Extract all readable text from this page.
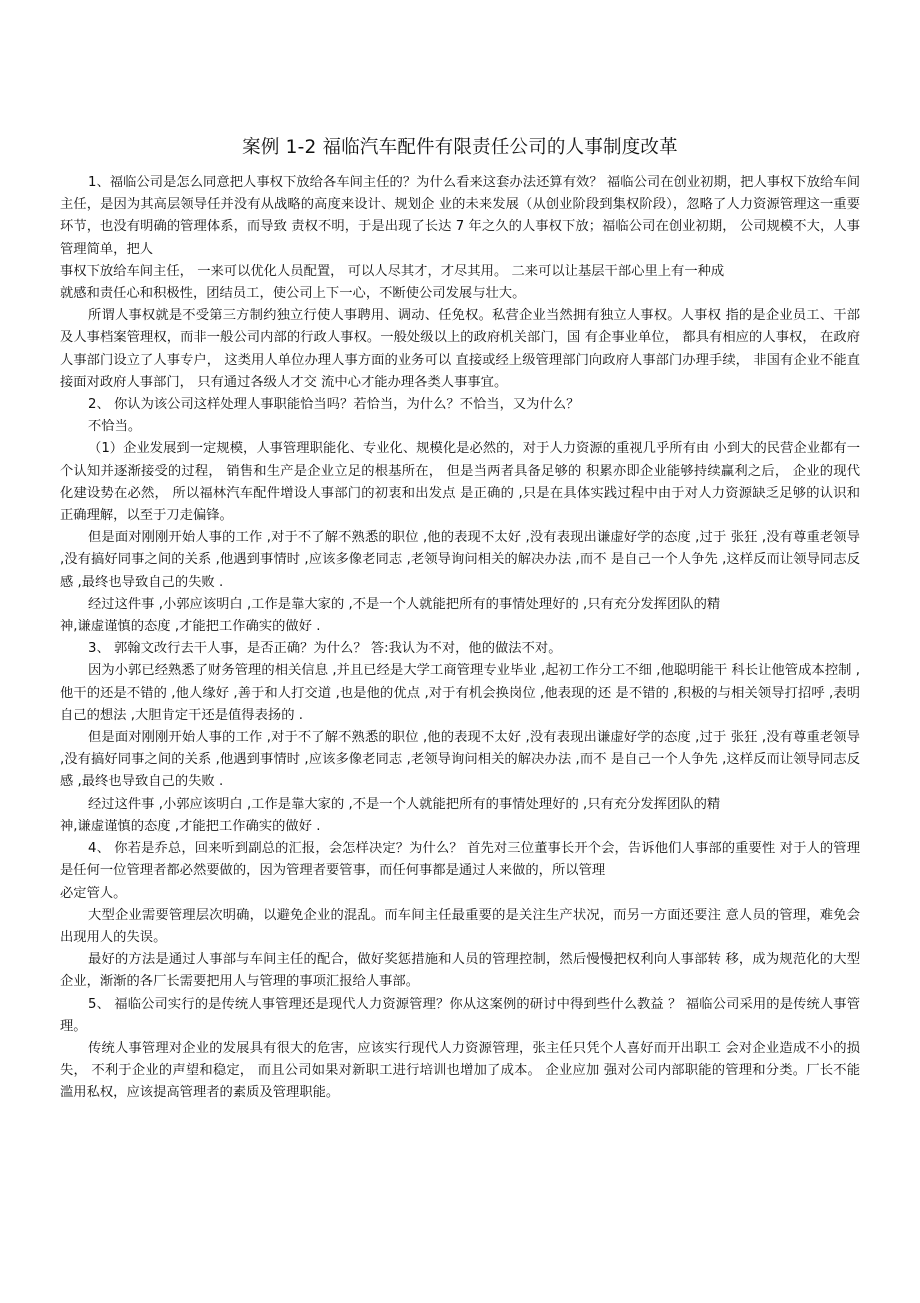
案例 1-2 福临汽车配件有限责任公司的人事制度改革

1、福临公司是怎么同意把人事权下放给各车间主任的？为什么看来这套办法还算有效？ 福临公司在创业初期，把人事权下放给车间主任，是因为其高层领导任并没有从战略的高度来设计、规划企 业的未来发展（从创业阶段到集权阶段），忽略了人力资源管理这一重要环节，也没有明确的管理体系，而导致 责权不明，于是出现了长达 7 年之久的人事权下放；福临公司在创业初期， 公司规模不大，人事管理简单，把人

事权下放给车间主任， 一来可以优化人员配置， 可以人尽其才，才尽其用。 二来可以让基层干部心里上有一种成

就感和责任心和积极性，团结员工，使公司上下一心，不断使公司发展与壮大。

所谓人事权就是不受第三方制约独立行使人事聘用、调动、任免权。私营企业当然拥有独立人事权。人事权 指的是企业员工、干部及人事档案管理权，而非一般公司内部的行政人事权。一般处级以上的政府机关部门，国 有企事业单位， 都具有相应的人事权， 在政府人事部门设立了人事专户， 这类用人单位办理人事方面的业务可以 直接或经上级管理部门向政府人事部门办理手续， 非国有企业不能直接面对政府人事部门， 只有通过各级人才交 流中心才能办理各类人事事宜。

2、 你认为该公司这样处理人事职能恰当吗？若恰当，为什么？不恰当，又为什么？

不恰当。

（1）企业发展到一定规模，人事管理职能化、专业化、规模化是必然的，对于人力资源的重视几乎所有由 小到大的民营企业都有一个认知并逐渐接受的过程， 销售和生产是企业立足的根基所在， 但是当两者具备足够的 积累亦即企业能够持续赢利之后， 企业的现代化建设势在必然， 所以福林汽车配件增设人事部门的初衷和出发点 是正确的 ,只是在具体实践过程中由于对人力资源缺乏足够的认识和正确理解，以至于刀走偏锋。

但是面对刚刚开始人事的工作 ,对于不了解不熟悉的职位 ,他的表现不太好 ,没有表现出谦虚好学的态度 ,过于 张狂 ,没有尊重老领导 ,没有搞好同事之间的关系 ,他遇到事情时 ,应该多像老同志 ,老领导询问相关的解决办法 ,而不 是自己一个人争先 ,这样反而让领导同志反感 ,最终也导致自己的失败 .

经过这件事 ,小郭应该明白 ,工作是靠大家的 ,不是一个人就能把所有的事情处理好的 ,只有充分发挥团队的精

神,谦虚谨慎的态度 ,才能把工作确实的做好 .

3、 郭翰文改行去干人事，是否正确？为什么？ 答:我认为不对，他的做法不对。

因为小郭已经熟悉了财务管理的相关信息 ,并且已经是大学工商管理专业毕业 ,起初工作分工不细 ,他聪明能干 科长让他管成本控制 ,他干的还是不错的 ,他人缘好 ,善于和人打交道 ,也是他的优点 ,对于有机会换岗位 ,他表现的还 是不错的 ,积极的与相关领导打招呼 ,表明自己的想法 ,大胆肯定干还是值得表扬的 .

但是面对刚刚开始人事的工作 ,对于不了解不熟悉的职位 ,他的表现不太好 ,没有表现出谦虚好学的态度 ,过于 张狂 ,没有尊重老领导 ,没有搞好同事之间的关系 ,他遇到事情时 ,应该多像老同志 ,老领导询问相关的解决办法 ,而不 是自己一个人争先 ,这样反而让领导同志反感 ,最终也导致自己的失败 .

经过这件事 ,小郭应该明白 ,工作是靠大家的 ,不是一个人就能把所有的事情处理好的 ,只有充分发挥团队的精

神,谦虚谨慎的态度 ,才能把工作确实的做好 .

4、 你若是乔总，回来听到副总的汇报，会怎样决定？为什么？ 首先对三位董事长开个会，告诉他们人事部的重要性 对于人的管理是任何一位管理者都必然要做的，因为管理者要管事，而任何事都是通过人来做的，所以管理

必定管人。

大型企业需要管理层次明确，以避免企业的混乱。而车间主任最重要的是关注生产状况，而另一方面还要注 意人员的管理，难免会出现用人的失误。

最好的方法是通过人事部与车间主任的配合，做好奖惩措施和人员的管理控制，然后慢慢把权利向人事部转 移，成为规范化的大型企业，渐渐的各厂长需要把用人与管理的事项汇报给人事部。

5、 福临公司实行的是传统人事管理还是现代人力资源管理？你从这案例的研讨中得到些什么教益 ？ 福临公司采用的是传统人事管理。

传统人事管理对企业的发展具有很大的危害，应该实行现代人力资源管理，张主任只凭个人喜好而开出职工 会对企业造成不小的损失， 不利于企业的声望和稳定， 而且公司如果对新职工进行培训也增加了成本。 企业应加 强对公司内部职能的管理和分类。厂长不能滥用私权，应该提高管理者的素质及管理职能。
